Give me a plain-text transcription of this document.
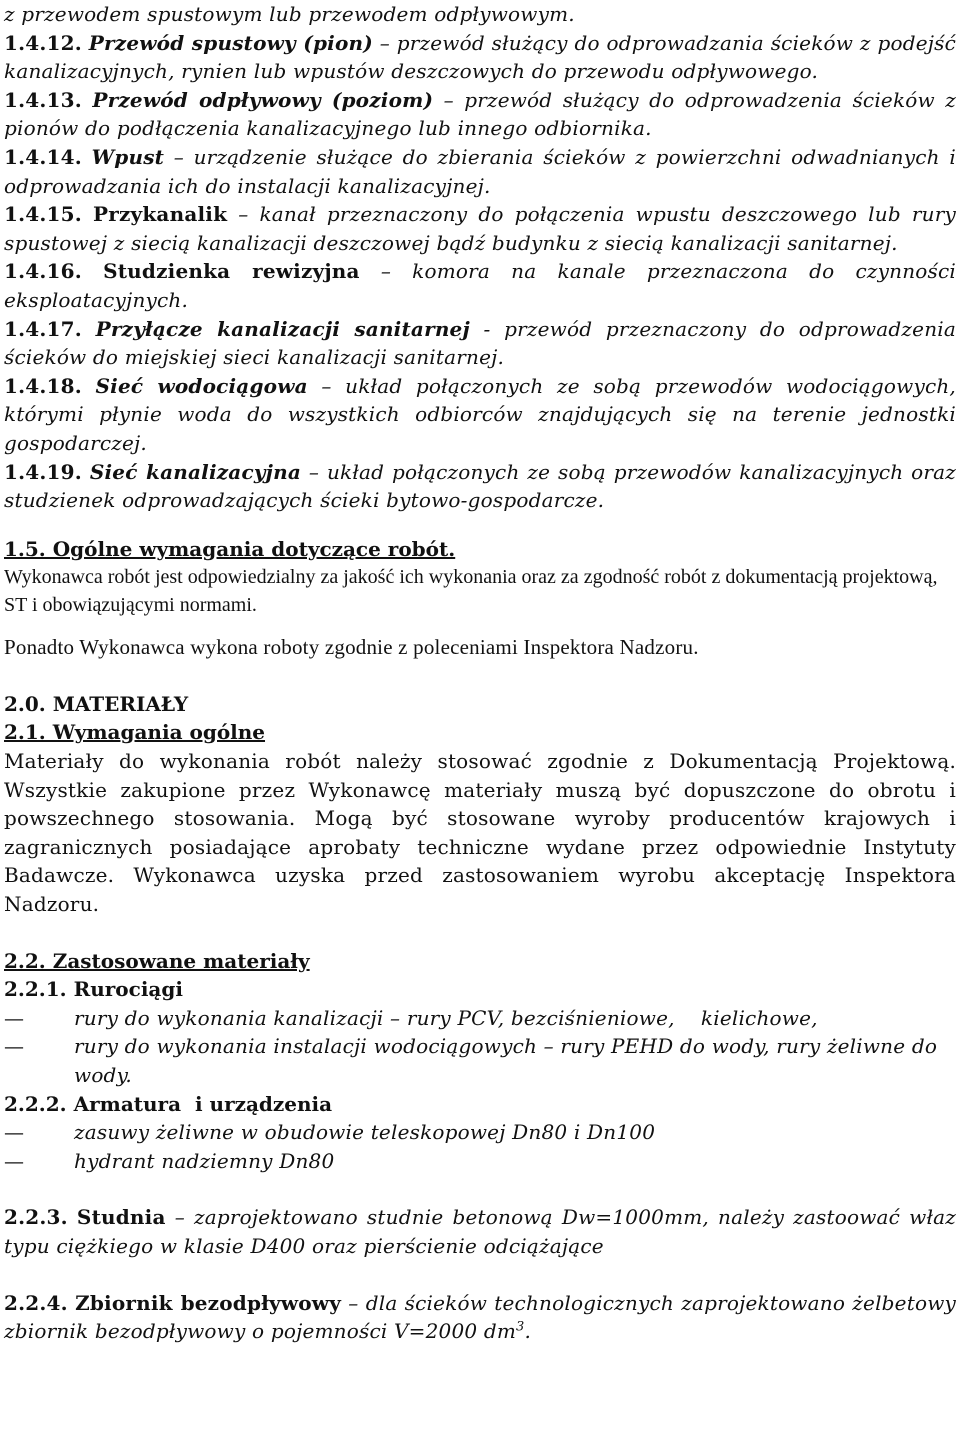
z przewodem spustowym lub przewodem odpływowym.

1.4.12. Przewód spustowy (pion) – przewód służący do odprowadzania ścieków z podejść kanalizacyjnych, rynien lub wpustów deszczowych do przewodu odpływowego.

1.4.13. Przewód odpływowy (poziom) – przewód służący do odprowadzenia ścieków z pionów do podłączenia kanalizacyjnego lub innego odbiornika.

1.4.14. Wpust – urządzenie służące do zbierania ścieków z powierzchni odwadnianych i odprowadzania ich do instalacji kanalizacyjnej.

1.4.15. Przykanalik – kanał przeznaczony do połączenia wpustu deszczowego lub rury spustowej z siecią kanalizacji deszczowej bądź budynku z siecią kanalizacji sanitarnej.

1.4.16. Studzienka rewizyjna – komora na kanale przeznaczona do czynności eksploatacyjnych.

1.4.17. Przyłącze kanalizacji sanitarnej - przewód przeznaczony do odprowadzenia ścieków do miejskiej sieci kanalizacji sanitarnej.

1.4.18. Sieć wodociągowa – układ połączonych ze sobą przewodów wodociągowych, którymi płynie woda do wszystkich odbiorców znajdujących się na terenie jednostki gospodarczej.

1.4.19. Sieć kanalizacyjna – układ połączonych ze sobą przewodów kanalizacyjnych oraz studzienek odprowadzających ścieki bytowo-gospodarcze.

1.5. Ogólne wymagania dotyczące robót.

Wykonawca robót jest odpowiedzialny za jakość ich wykonania oraz za zgodność robót z dokumentacją projektową, ST i obowiązującymi normami.

Ponadto Wykonawca wykona roboty zgodnie z poleceniami Inspektora Nadzoru.

2.0. MATERIAŁY

2.1. Wymagania ogólne

Materiały do wykonania robót należy stosować zgodnie z Dokumentacją Projektową. Wszystkie zakupione przez Wykonawcę materiały muszą być dopuszczone do obrotu i powszechnego stosowania. Mogą być stosowane wyroby producentów krajowych i zagranicznych posiadające aprobaty techniczne wydane przez odpowiednie Instytuty Badawcze. Wykonawca uzyska przed zastosowaniem wyrobu akceptację Inspektora Nadzoru.

2.2. Zastosowane materiały

2.2.1. Rurociągi

—	rury do wykonania kanalizacji – rury PCV, bezciśnieniowe,    kielichowe,
—	rury do wykonania instalacji wodociągowych – rury PEHD do wody, rury żeliwne do wody.

2.2.2. Armatura  i urządzenia

—	zasuwy żeliwne w obudowie teleskopowej Dn80 i Dn100
—	hydrant nadziemny Dn80

2.2.3. Studnia – zaprojektowano studnie betonową Dw=1000mm, należy zastoować właz typu ciężkiego w klasie D400 oraz pierścienie odciążające

2.2.4. Zbiornik bezodpływowy – dla ścieków technologicznych zaprojektowano żelbetowy zbiornik bezodpływowy o pojemności V=2000 $dm^3$.
